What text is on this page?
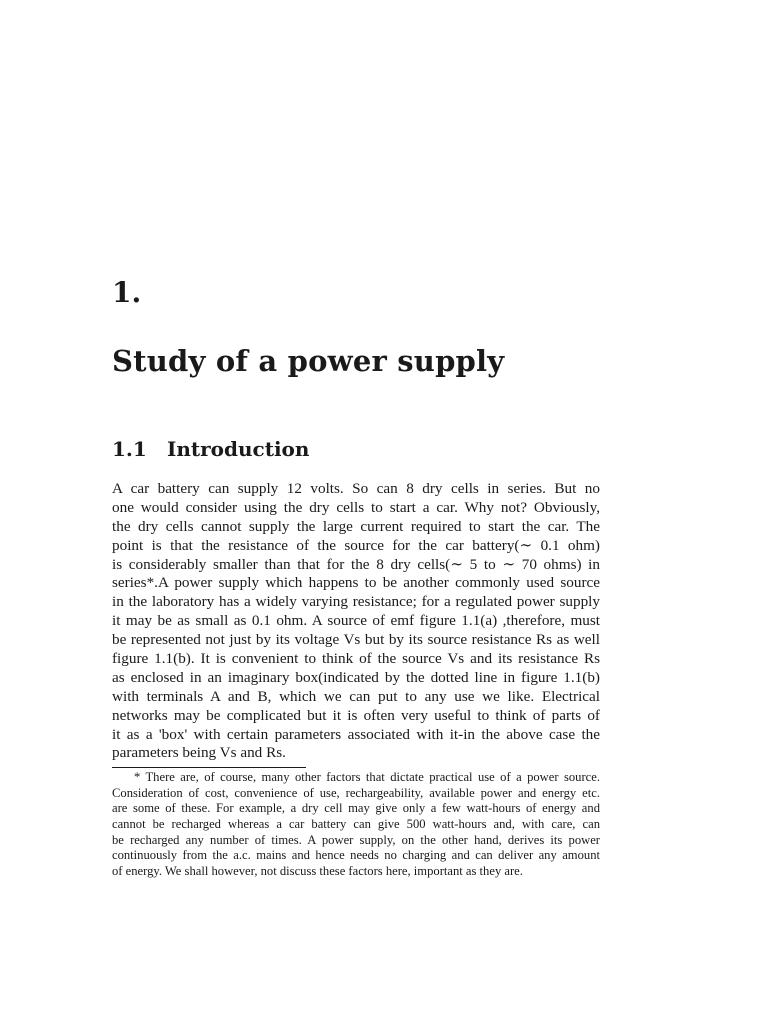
1.
Study of a power supply
1.1 Introduction
A car battery can supply 12 volts. So can 8 dry cells in series. But no
one would consider using the dry cells to start a car. Why not? Obviously,
the dry cells cannot supply the large current required to start the car. The
point is that the resistance of the source for the car battery(∼ 0.1 ohm)
is considerably smaller than that for the 8 dry cells(∼ 5 to ∼ 70 ohms) in
series*.A power supply which happens to be another commonly used source
in the laboratory has a widely varying resistance; for a regulated power supply
it may be as small as 0.1 ohm. A source of emf figure 1.1(a) ,therefore, must
be represented not just by its voltage Vs but by its source resistance Rs as well
figure 1.1(b). It is convenient to think of the source Vs and its resistance Rs
as enclosed in an imaginary box(indicated by the dotted line in figure 1.1(b)
with terminals A and B, which we can put to any use we like. Electrical
networks may be complicated but it is often very useful to think of parts of
it as a 'box' with certain parameters associated with it-in the above case the
parameters being Vs and Rs.
* There are, of course, many other factors that dictate practical use of a power source.
Consideration of cost, convenience of use, rechargeability, available power and energy etc.
are some of these. For example, a dry cell may give only a few watt-hours of energy and
cannot be recharged whereas a car battery can give 500 watt-hours and, with care, can
be recharged any number of times. A power supply, on the other hand, derives its power
continuously from the a.c. mains and hence needs no charging and can deliver any amount
of energy. We shall however, not discuss these factors here, important as they are.
